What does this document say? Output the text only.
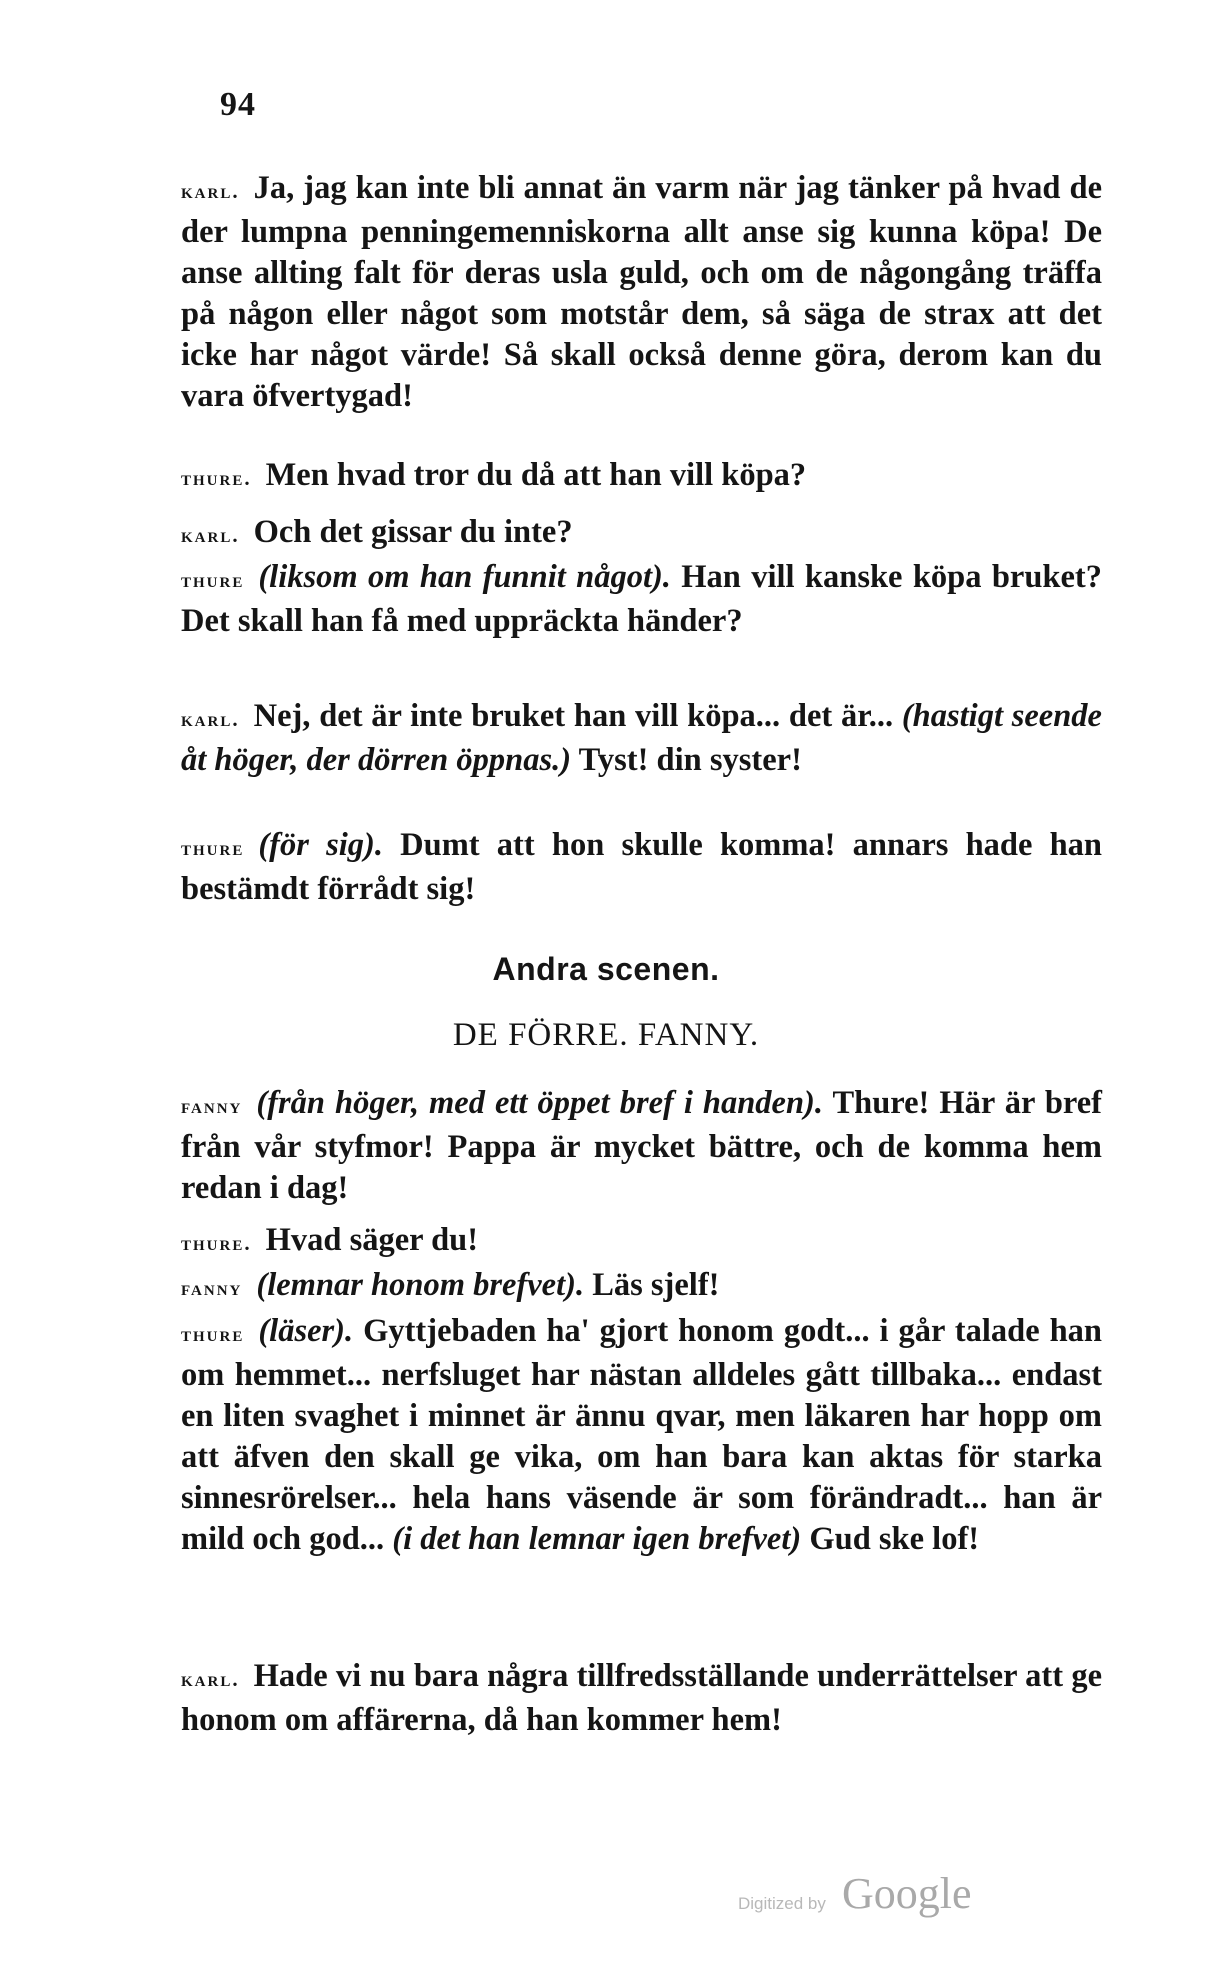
94

karl. Ja, jag kan inte bli annat än varm när jag tänker på hvad de der lumpna penningemenniskorna allt anse sig kunna köpa! De anse allting falt för deras usla guld, och om de någongång träffa på någon eller något som motstår dem, så säga de strax att det icke har något värde! Så skall också denne göra, derom kan du vara öfvertygad!

thure. Men hvad tror du då att han vill köpa?

karl. Och det gissar du inte?

thure (liksom om han funnit något). Han vill kanske köpa bruket? Det skall han få med uppräckta händer?

karl. Nej, det är inte bruket han vill köpa... det är... (hastigt seende åt höger, der dörren öppnas.) Tyst! din syster!

thure (för sig). Dumt att hon skulle komma! annars hade han bestämdt förrådt sig!

Andra scenen.
DE FÖRRE. FANNY.

fanny (från höger, med ett öppet bref i handen). Thure! Här är bref från vår styfmor! Pappa är mycket bättre, och de komma hem redan i dag!

thure. Hvad säger du!

fanny (lemnar honom brefvet). Läs sjelf!

thure (läser). Gyttjebaden ha' gjort honom godt... i går talade han om hemmet... nerfsluget har nästan alldeles gått tillbaka... endast en liten svaghet i minnet är ännu qvar, men läkaren har hopp om att äfven den skall ge vika, om han bara kan aktas för starka sinnesrörelser... hela hans väsende är som förändradt... han är mild och god... (i det han lemnar igen brefvet) Gud ske lof!

karl. Hade vi nu bara några tillfredsställande underrättelser att ge honom om affärerna, då han kommer hem!

Digitized by Google
